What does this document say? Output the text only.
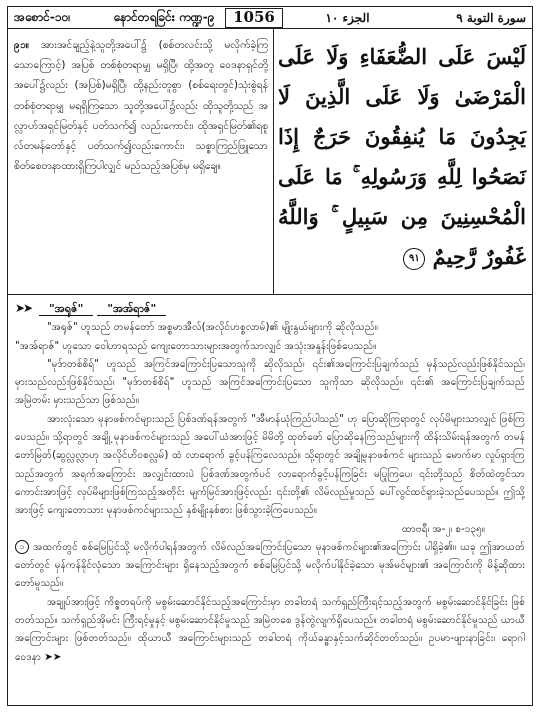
အစောင်-၁၀၊	နောင်တရခြင်း ကဏ္ဍ-၉	1056	الجزء ١٠	سورة التوبة ٩
၉၁။ အားအင်ချည့်နဲ့သူတို့အပေါ်၌ (စစ်တလင်းသို့ မလိုက်ခဲ့ကြသောကြောင့်) အပြစ် တစ်စုံတရာမျှ မရှိပြီ၊ ထို့အတူ ဝေဒနာရှင်တို့အပေါ်၌လည်း (အပြစ်)မရှိပြီ၊ ထို့နည်းတူစွာ (စစ်ရေးတွင်)သုံးစွဲရန် တစ်စုံတရာမျှ မရရှိကြသော သူတို့အပေါ်၌လည်း ထိုသူတို့သည် အလ္လာဟ်အရှင်မြတ်နှင့် ပတ်သက်၍ လည်းကောင်း၊ ထိုအရှင်မြတ်၏ရစူလ်တမန်တော်နှင့် ပတ်သက်၍လည်းကောင်း၊ သစ္စာကြည်ဖြူသော စိတ်စေတနာထားရှိကြပါလျှင် မည်သည့်အပြစ်မှ မရှိချေ။
لَيْسَ عَلَى الضُّعَفَاءِ وَلَا عَلَى الْمَرْضَىٰ وَلَا عَلَى الَّذِينَ لَا يَجِدُونَ مَا يُنفِقُونَ حَرَجٌ إِذَا نَصَحُوا لِلَّهِ وَرَسُولِهِ ۚ مَا عَلَى الْمُحْسِنِينَ مِن سَبِيلٍ ۚ وَاللَّهُ غَفُورٌ رَّحِيمٌ ٩١
➤➤ "အရုဇ်" "အအ်ရာဇ်"

"အရုဇ်" ဟူသည် တမန်တော် အစ္စမာအီလ်(အလိုင်ဟစ္စလာမ်)၏ မျိုးနွယ်များကို ဆိုလိုသည်။

"အအ်ရာဇ်" ဟူသော ဝေါဟာရသည် ကျေးတောသားများအတွက်သာလျှင် အသုံးအနှုန်းဖြစ်ပေသည်။

"မုဒ်ာတစ်စိရ်" ဟူသည် အကြင်အကြောင်းပြသောသူကို ဆိုလိုသည်၊ ၎င်း၏အကြောင်းပြချက်သည် မှန်သည်လည်းဖြစ်နိုင်သည်၊ မှားသည်လည်းဖြစ်နိုင်သည်၊ "မုဒ်ာတစ်စိရ်" ဟူသည် အကြင်အကြောင်းပြသော သူကိုသာ ဆိုလိုသည်။ ၎င်း၏ အကြောင်းပြချက်သည် အမြဲတမ်း မှားသည်သာ ဖြစ်သည်။

အားလုံးသော မုနာဖစ်ကင်များသည် ပြစ်ဒဏ်ရန်အတွက် "အီမာန်ယုံကြည်ပါသည်" ဟု ပြောဆိုကြရာတွင် လုပ်မိများသာလျှင် ဖြစ်ကြပေသည်။ သို့ရာတွင် အချို့ မုနာဖစ်ကင်များသည် အပေါ်ယံအားဖြင့် မိမိတို့ ထုတ်ဖော် ပြောဆိုနေကြသည်များကို ထိန်းသိမ်းရန်အတွက် တမန်တော်မြတ်(ဆွလ္လလ္လာဟု အလိုင်ဟိဝစလ္လမ်) ထံ လာရောက် ခွင့်ပန်ကြလေသည်။ သို့ရာတွင် အချို့မုနာဖစ်ကင် များသည် မောက်မာ လှုပ်ရှားကြသည်အတွက် အရက်အကြောင်း အလျှင်းထားပဲ ပြစ်ဒဏ်အတွက်ပင် လာရောက်ခွင့်ပန်ကြခြင်း မပြုကြပေ၊ ၎င်းတို့သည် စိတ်ထဲတွင်သာကောင်းအားဖြင့် လုပ်မိများဖြစ်ကြသည့်အတိုင်း မျက်မြင်အားဖြင့်လည်း ၎င်းတို့၏ လိမ်လည်မှုသည် ပေါ်လွင်ထင်ရှားခဲ့သည်ပေသည်။ ဤသို့အားဖြင့် ကျေးတောသား မုနာဖစ်ကင်များသည် နှစ်မျိုးနှစ်စား ဖြစ်သွားခဲ့ကြပေသည်။

ထာဗရီ၊ အ-၂၊ စ-၁၃၅။

၁ အထက်တွင် စစ်မြေပြင်သို့ မလိုက်ပါရန်အတွက် လိမ်လည်အကြောင်းပြသော မုနာဖစ်ကင်များ၏အကြောင်း ပါရှိခဲ့၏။ ယခု ဤအာယတ်တော်တွင် မှန်ကန်နိုင်လုံသော အကြောင်းများ ရှိနေသည့်အတွက် စစ်မြေပြင်သို့ မလိုက်ပါနိုင်ခဲ့သော မုအ်မင်များ၏ အကြောင်းကို မိန့်ဆိုထားတော်မူသည်။

အချုပ်အားဖြင့် ကိစ္စတရပ်ကို မစွမ်းဆောင်နိုင်သည့်အကြောင်းမှာ တခါတရံ သက်ရှည်ကြီးရင့်သည့်အတွက် မစွမ်းဆောင်နိုင်ခြင်း ဖြစ်တတ်သည်။ သက်ရှည်အိုမင်း ကြီးရင့်မှုနှင့် မစွမ်းဆောင်နိုင်မှုသည် အမြဲတစေ ဒွန်တွဲလျက်ရှိပေသည်။ တခါတရံ မစွမ်းဆောင်နိုင်မှုသည် ယာယီအကြောင်းများ ဖြစ်တတ်သည်။ ထိုယာယီ အကြောင်းများသည် တခါတရံ ကိုယ်ခန္ဓာနှင့်သက်ဆိုင်တတ်သည်။ ဥပမာ-ဖျားနာခြင်း၊ ရောဂါဝေဒနာ ➤➤
